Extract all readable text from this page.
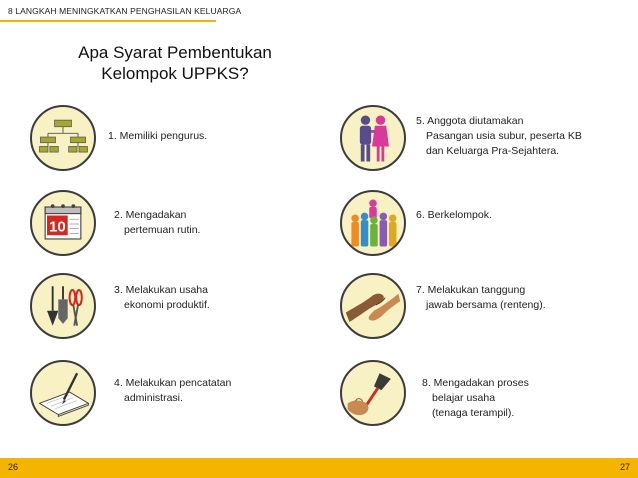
8 LANGKAH MENINGKATKAN PENGHASILAN KELUARGA
Apa Syarat Pembentukan
Kelompok UPPKS?
1. Memiliki pengurus.
10
2. Mengadakan
pertemuan rutin.
3. Melakukan usaha
ekonomi produktif.
4. Melakukan pencatatan
administrasi.
5. Anggota diutamakan
Pasangan usia subur, peserta KB
dan Keluarga Pra-Sejahtera.
6. Berkelompok.
7. Melakukan tanggung
jawab bersama (renteng).
8. Mengadakan proses
belajar usaha
(tenaga terampil).
26	27
